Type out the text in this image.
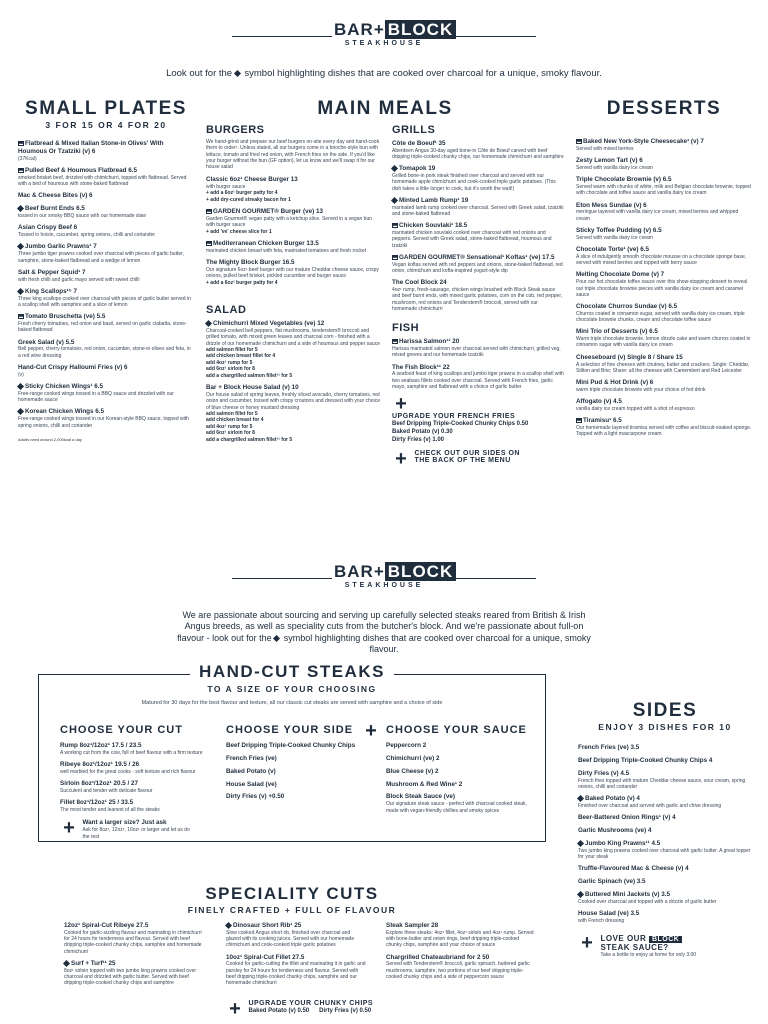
BAR+ BLOCK
STEAKHOUSE
Look out for the symbol highlighting dishes that are cooked over charcoal for a unique, smoky flavour.
SMALL PLATES
3 FOR 15 OR 4 FOR 20
▬ Flatbread & Mixed Italian Stone-in Olives' With Houmous Or Tzatziki (v) 6
(37Kcal)
▬ Pulled Beef & Houmous Flatbread 6.5
smoked brisket beef, drizzled with chimichurri, topped with flatbread. Served with a bed of houmous with stone-baked flatbread
Mac & Cheese Bites (v) 6
Beef Burnt Ends 6.5
tossed in our smoky BBQ sauce with our homemade slaw
Asian Crispy Beef 6
Tossed in hoisin, cucumber, spring onions, chilli and coriander
Jumbo Garlic Prawns¹ 7
Three jumbo tiger prawns cooked over charcoal with pieces of garlic butter, samphire, stone-baked flatbread and a wedge of lemon
Salt & Pepper Squid¹ 7
with fresh chilli and garlic mayo served with sweet chilli
King Scallops¹⁵ 7
Three king scallops cooked over charcoal with pieces of garlic butter served in a scallop shell with samphire and a slice of lemon
▬ Tomato Bruschetta (ve) 5.5
Fresh cherry tomatoes, red onion and basil, served on garlic ciabatta, stone-baked flatbread
Greek Salad (v) 5.5
Bell pepper, cherry tomatoes, red onion, cucumber, stone-in olives and feta, in a red wine dressing
Hand-Cut Crispy Halloumi Fries (v) 6
(v)
Sticky Chicken Wings¹ 6.5
Free-range cooked wings tossed in a BBQ sauce and drizzled with our homemade sauce
Korean Chicken Wings 6.5
Free-range cooked wings tossed in our Korean-style BBQ sauce, topped with spring onions, chilli and coriander
Adults need around 2,000kcal a day
MAIN MEALS
BURGERS
We hand-grind and prepare our beef burgers on-site every day and hand-cook them to order¹. Unless stated, all our burgers come in a brioche-style bun with lettuce, tomato and fried red onion, with French fries on the side. If you'd like your burger without the bun (GF option), let us know and we'll swap it for our house salad
Classic 6oz¹ Cheese Burger 13
with burger sauce
+ add a 6oz¹ burger patty for 4
+ add dry-cured streaky bacon for 1
▬ GARDEN GOURMET® Burger (ve) 13
Garden Gourmet® vegan patty with a ketchup slice. Served in a vegan bun with burger sauce
+ add 've' cheese slice for 1
▬ Mediterranean Chicken Burger 13.5
marinated chicken breast with feta, marinated tomatoes and fresh rocket
The Mighty Block Burger 16.5
Our signature 6oz¹ beef burger with our mature Cheddar cheese sauce, crispy onions, pulled beef brisket, pickled cucumber and burger sauce
+ add a 6oz¹ burger patty for 4
SALAD
Chimichurri Mixed Vegetables (ve) 12
Charcoal-cooked bell peppers, flat mushrooms, tenderstem® broccoli and grilled tomato, with mixed green leaves and charcoal corn - finished with a drizzle of our homemade chimichurri and a side of houmous and pepper sauce
add salmon fillet for 5
add chicken breast fillet for 4
add 4oz¹ rump for 5
add 6oz¹ sirloin for 8
add a chargrilled salmon fillet¹¹ for 5
Bar + Block House Salad (v) 10
Our house salad of spring leaves, freshly sliced avocado, cherry tomatoes, red onion and cucumber, tossed with crispy croutons and dressed with your choice of blue cheese or honey mustard dressing
add salmon fillet for 5
add chicken breast for 4
add 4oz¹ rump for 5
add 6oz¹ sirloin for 8
add a chargrilled salmon fillet¹¹ for 5
GRILLS
Côte de Boeuf¹ 35
Aberdeen Angus 30-day aged bone-in Côte de Boeuf carved with beef dripping triple-cooked chunky chips, our homemade chimichurri and samphire
Tomapok 19
Grilled bone-in pork steak finished over charcoal and served with our homemade apple chimichurri and cook-cooked triple garlic potatoes. (This dish takes a little longer to cook, but it's worth the wait!)
Minted Lamb Rump¹ 19
marinated lamb rump cooked over charcoal. Served with Greek salad, tzatziki and stone-baked flatbread
▬ Chicken Souvlaki¹ 18.5
marinated chicken souvlaki cooked over charcoal with red onions and peppers. Served with Greek salad, stone-baked flatbread, houmous and tzatziki
▬ GARDEN GOURMET® Sensational¹ Koftas¹ (ve) 17.5
Vegan koftas served with red peppers and onions, stone-baked flatbread, red onion, chimichurri and kofta-inspired yogurt-style dip
The Cool Block 24
4oz¹ rump, fresh-sausage, chicken wings brushed with Block Steak sauce and beef burnt ends, with mixed garlic potatoes, corn on the cob, red pepper, mushroom, red onions and Tenderstem® broccoli, served with our homemade chimichurri
FISH
▬ Harissa Salmon¹¹ 20
Harissa marinated salmon over charcoal served with chimichurri, grilled veg, mixed greens and our homemade tzatziki
The Fish Block¹¹ 22
A seafood feast of king scallops and jumbo tiger prawns in a scallop shell with two seabass fillets cooked over charcoal. Served with French fries, garlic mayo, samphire and flatbread with a choice of garlic butter
+
UPGRADE YOUR FRENCH FRIES
Beef Dripping Triple-Cooked Chunky Chips 0.50
Baked Potato (v) 0.30
Dirty Fries (v) 1.00
+ CHECK OUT OUR SIDES ON THE BACK OF THE MENU
DESSERTS
▬ Baked New York-Style Cheesecake¹ (v) 7
Served with mixed berries
Zesty Lemon Tart (v) 6
Served with vanilla dairy ice cream
Triple Chocolate Brownie (v) 6.5
Served warm with chunks of white, milk and Belgian chocolate brownie, topped with chocolate and toffee sauce and vanilla dairy ice cream
Eton Mess Sundae (v) 6
meringue layered with vanilla dairy ice cream, mixed berries and whipped cream
Sticky Toffee Pudding (v) 6.5
Served with vanilla dairy ice cream
Chocolate Torte¹ (ve) 6.5
A slice of indulgently smooth chocolate mousse on a chocolate sponge base, served with mixed berries and topped with berry sauce
Melting Chocolate Dome (v) 7
Pour our hot chocolate toffee sauce over this show-stopping dessert to reveal our triple chocolate brownie pieces with vanilla dairy ice cream and caramel sauce
Chocolate Churros Sundae (v) 6.5
Churros coated in cinnamon sugar, served with vanilla dairy ice cream, triple chocolate brownie chunks, cream and chocolate toffee sauce
Mini Trio of Desserts (v) 6.5
Warm triple chocolate brownie, lemon drizzle cake and warm churros coated in cinnamon sugar with vanilla dairy ice cream
Cheeseboard (v) Single 8 / Share 15
A selection of fine cheeses with chutney, butter and crackers. Single: Cheddar, Stilton and Brie; Share: all the cheeses with Camembert and Red Leicester
Mini Pud & Hot Drink (v) 6
warm triple chocolate brownie with your choice of hot drink
Affogato (v) 4.5
vanilla dairy ice cream topped with a shot of espresso
▬ Tiramisu¹ 6.5
Our homemade layered tiramisu served with coffee and biscuit-soaked sponge. Topped with a light mascarpone cream
BAR+ BLOCK
STEAKHOUSE
We are passionate about sourcing and serving up carefully selected steaks reared from British & Irish Angus breeds, as well as speciality cuts from the butcher's block. And we're passionate about full-on flavour - look out for the symbol highlighting dishes that are cooked over charcoal for a unique, smoky flavour.
HAND-CUT STEAKS
TO A SIZE OF YOUR CHOOSING
Matured for 30 days for the best flavour and texture, all our classic cut steaks are served with samphire and a choice of side
CHOOSE YOUR CUT
Rump 8oz¹/12oz¹ 17.5 / 23.5
A working cut from the cow, full of beef flavour with a firm texture
Ribeye 8oz¹/12oz¹ 19.5 / 26
well marbled for the great cooks - soft texture and rich flavour
Sirloin 8oz¹/12oz¹ 20.5 / 27
Succulent and tender with delicate flavour
Fillet 8oz¹/12oz¹ 25 / 33.5
The most tender and leanest of all the steaks
+ Want a larger size? Just ask
Ask for 8oz¹, 12oz¹, 16oz¹ or larger and let us do the rest
CHOOSE YOUR SIDE
Beef Dripping Triple-Cooked Chunky Chips
French Fries (ve)
Baked Potato (v)
House Salad (ve)
Dirty Fries (v) +0.50
+ CHOOSE YOUR SAUCE
Peppercorn 2
Chimichurri (ve) 2
Blue Cheese (v) 2
Mushroom & Red Wine¹ 2
Block Steak Sauce (ve)
Our signature steak sauce - perfect with charcoal cooked steak, made with vegan-friendly chillies and smoky spices
SIDES
ENJOY 3 DISHES FOR 10
French Fries (ve) 3.5
Beef Dripping Triple-Cooked Chunky Chips 4
Dirty Fries (v) 4.5
French fries topped with mature Cheddar cheese sauce, sour cream, spring onions, chilli and coriander
Baked Potato (v) 4
Finished over charcoal and served with garlic and chive dressing
Beer-Battered Onion Rings¹ (v) 4
Garlic Mushrooms (ve) 4
Jumbo King Prawns¹¹ 4.5
Two jumbo king prawns cooked over charcoal with garlic butter. A great topper for your steak
Truffle-Flavoured Mac & Cheese (v) 4
Garlic Spinach (ve) 3.5
Buttered Mini Jackets (v) 3.5
Cooked over charcoal and topped with a drizzle of garlic butter
House Salad (ve) 3.5
with French dressing
+ LOVE OUR BLOCK
STEAK SAUCE?
Take a bottle to enjoy at home for only 3.00
SPECIALITY CUTS
FINELY CRAFTED + FULL OF FLAVOUR
12oz¹ Spiral-Cut Ribeye 27.5
Cooked for garlic-sizzling flavour and marinating in chimichurri for 24 hours for tenderness and flavour. Served with beef dripping triple-cooked chunky chips, samphire and homemade chimichurri
Surf + Turf¹¹ 25
8oz¹ sirloin topped with two jumbo king prawns cooked over charcoal and drizzled with garlic butter. Served with beef dripping triple-cooked chunky chips and samphire
Dinosaur Short Rib¹ 25
Slow cooked Angus short rib, finished over charcoal and glazed with its cooking juices. Served with our homemade chimichurri and cook-cooked triple garlic potatoes
10oz¹ Spiral-Cut Fillet 27.5
Cooked for garlic-cutting the fillet and marinating it in garlic and parsley for 24 hours for tenderness and flavour. Served with beef dripping triple-cooked chunky chips, samphire and our homemade chimichurri
Steak Sampler 28
Explore three steaks: 4oz¹ fillet, 4oz¹ sirloin and 4oz¹ rump. Served with bone-butter and onion rings, beef dripping triple-cooked chunky chips, samphire and your choice of sauce
Chargrilled Chateaubriand for 2 50
Served with Tenderstem® broccoli, garlic spinach, buttered garlic mushrooms, samphire, two portions of our beef dripping triple-cooked chunky chips and a side of peppercorn sauce
+ UPGRADE YOUR CHUNKY CHIPS
Baked Potato (v) 0.50 Dirty Fries (v) 0.50
